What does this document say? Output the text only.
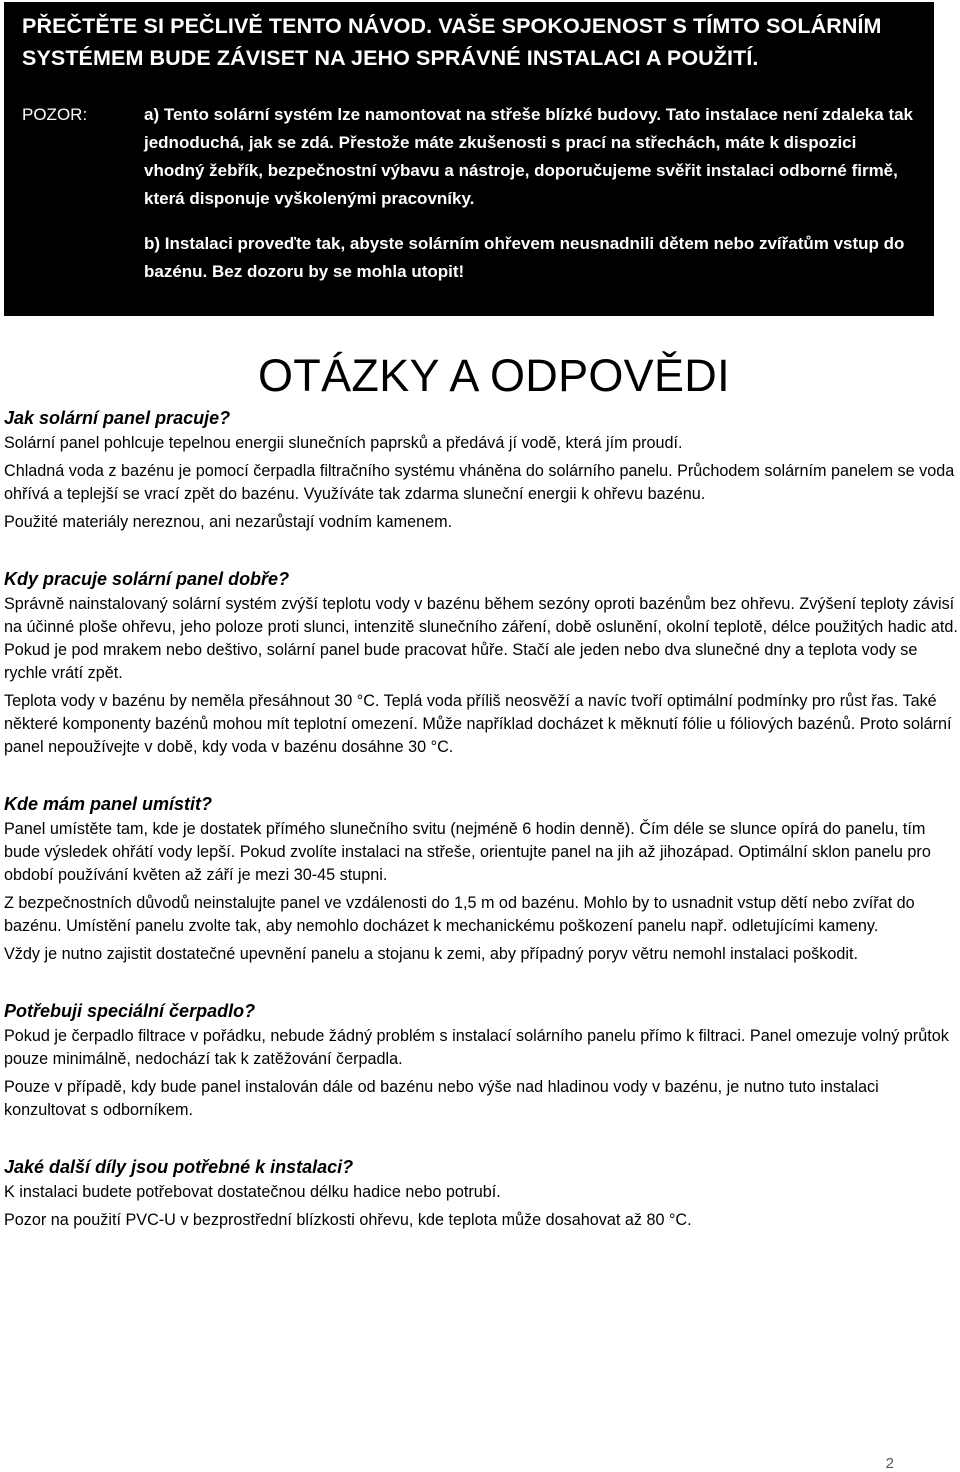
PŘEČTĚTE SI PEČLIVĚ TENTO NÁVOD. VAŠE SPOKOJENOST S TÍMTO SOLÁRNÍM SYSTÉMEM BUDE ZÁVISET NA JEHO SPRÁVNÉ INSTALACI A POUŽITÍ.

POZOR:	a) Tento solární systém lze namontovat na střeše blízké budovy. Tato instalace není zdaleka tak jednoduchá, jak se zdá. Přestože máte zkušenosti s prací na střechách, máte k dispozici vhodný žebřík, bezpečnostní výbavu a nástroje, doporučujeme svěřit instalaci odborné firmě, která disponuje vyškolenými pracovníky.

b) Instalaci proveďte tak, abyste solárním ohřevem neusnadnili dětem nebo zvířatům vstup do bazénu. Bez dozoru by se mohla utopit!

OTÁZKY A ODPOVĚDI
Jak solární panel pracuje?

Solární panel pohlcuje tepelnou energii slunečních paprsků a předává jí vodě, která jím proudí.

Chladná voda z bazénu je pomocí čerpadla filtračního systému vháněna do solárního panelu. Průchodem solárním panelem se voda ohřívá a teplejší se vrací zpět do bazénu. Využíváte tak zdarma sluneční energii k ohřevu bazénu.

Použité materiály nereznou, ani nezarůstají vodním kamenem.

Kdy pracuje solární panel dobře?

Správně nainstalovaný solární systém zvýší teplotu vody v bazénu během sezóny oproti bazénům bez ohřevu. Zvýšení teploty závisí na účinné ploše ohřevu, jeho poloze proti slunci, intenzitě slunečního záření, době oslunění, okolní teplotě, délce použitých hadic atd. Pokud je pod mrakem nebo deštivo, solární panel bude pracovat hůře. Stačí ale jeden nebo dva slunečné dny a teplota vody se rychle vrátí zpět.

Teplota vody v bazénu by neměla přesáhnout 30 °C. Teplá voda příliš neosvěží a navíc tvoří optimální podmínky pro růst řas. Také některé komponenty bazénů mohou mít teplotní omezení. Může například docházet k měknutí fólie u fóliových bazénů. Proto solární panel nepoužívejte v době, kdy voda v bazénu dosáhne 30 °C.

Kde mám panel umístit?

Panel umístěte tam, kde je dostatek přímého slunečního svitu (nejméně 6 hodin denně). Čím déle se slunce opírá do panelu, tím bude výsledek ohřátí vody lepší. Pokud zvolíte instalaci na střeše, orientujte panel na jih až jihozápad. Optimální sklon panelu pro období používání květen až září je mezi 30-45 stupni.

Z bezpečnostních důvodů neinstalujte panel ve vzdálenosti do 1,5 m od bazénu. Mohlo by to usnadnit vstup dětí nebo zvířat do bazénu. Umístění panelu zvolte tak, aby nemohlo docházet k mechanickému poškození panelu např. odletujícími kameny.

Vždy je nutno zajistit dostatečné upevnění panelu a stojanu k zemi, aby případný poryv větru nemohl instalaci poškodit.

Potřebuji speciální čerpadlo?

Pokud je čerpadlo filtrace v pořádku, nebude žádný problém s instalací solárního panelu přímo k filtraci. Panel omezuje volný průtok pouze minimálně, nedochází tak k zatěžování čerpadla.

Pouze v případě, kdy bude panel instalován dále od bazénu nebo výše nad hladinou vody v bazénu, je nutno tuto instalaci konzultovat s odborníkem.

Jaké další díly jsou potřebné k instalaci?

K instalaci budete potřebovat dostatečnou délku hadice nebo potrubí.

Pozor na použití PVC-U v bezprostřední blízkosti ohřevu, kde teplota může dosahovat až 80 °C.

2
